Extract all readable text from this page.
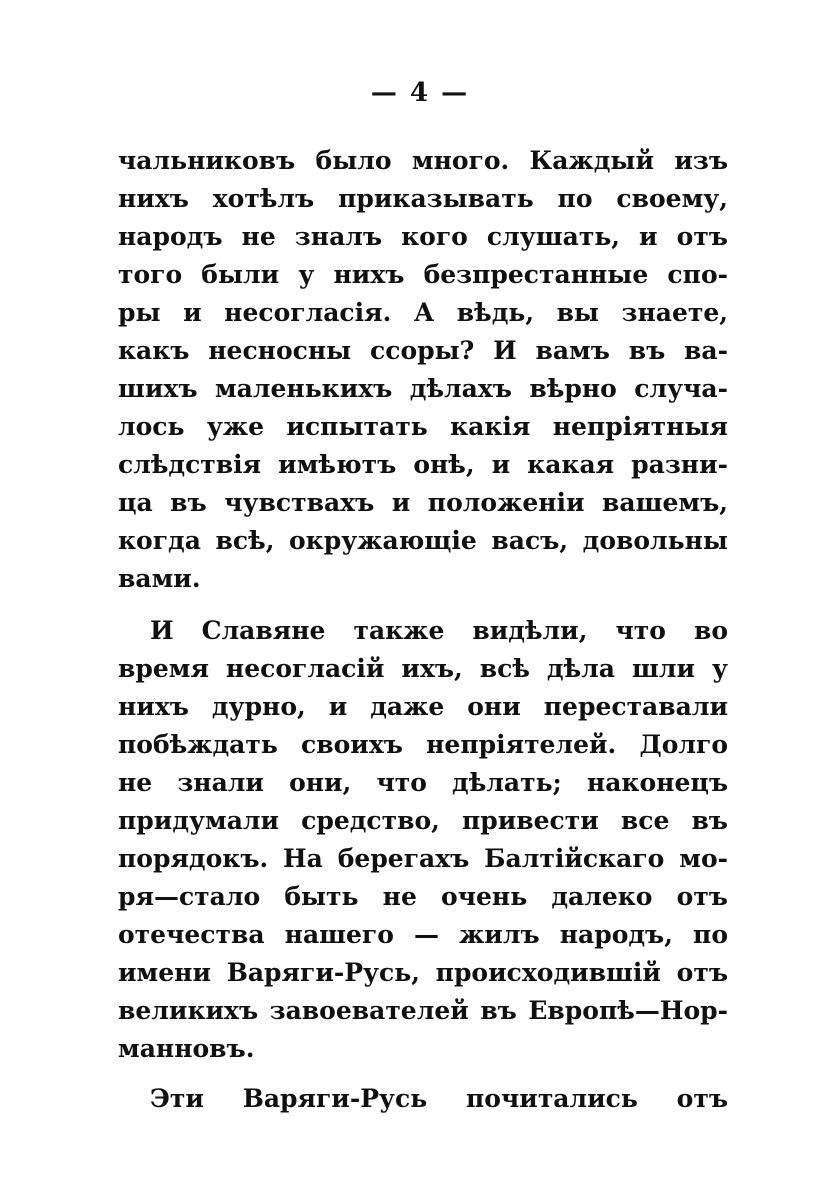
— 4 —
чальниковъ было много. Каждый изъ
нихъ хотѣлъ приказывать по своему,
народъ не зналъ кого слушать, и отъ
того были у нихъ безпрестанные спо-
ры и несогласія. А вѣдь, вы знаете,
какъ несносны ссоры? И вамъ въ ва-
шихъ маленькихъ дѣлахъ вѣрно случа-
лось уже испытать какія непріятныя
слѣдствія имѣютъ онѣ, и какая разни-
ца въ чувствахъ и положеніи вашемъ,
когда всѣ, окружающіе васъ, довольны
вами.
И Славяне также видѣли, что во
время несогласій ихъ, всѣ дѣла шли у
нихъ дурно, и даже они переставали
побѣждать своихъ непріятелей. Долго
не знали они, что дѣлать; наконецъ
придумали средство, привести все въ
порядокъ. На берегахъ Балтійскаго мо-
ря—стало быть не очень далеко отъ
отечества нашего — жилъ народъ, по
имени Варяги-Русь, происходившій отъ
великихъ завоевателей въ Европѣ—Нор-
манновъ.
Эти Варяги-Русь почитались отъ
